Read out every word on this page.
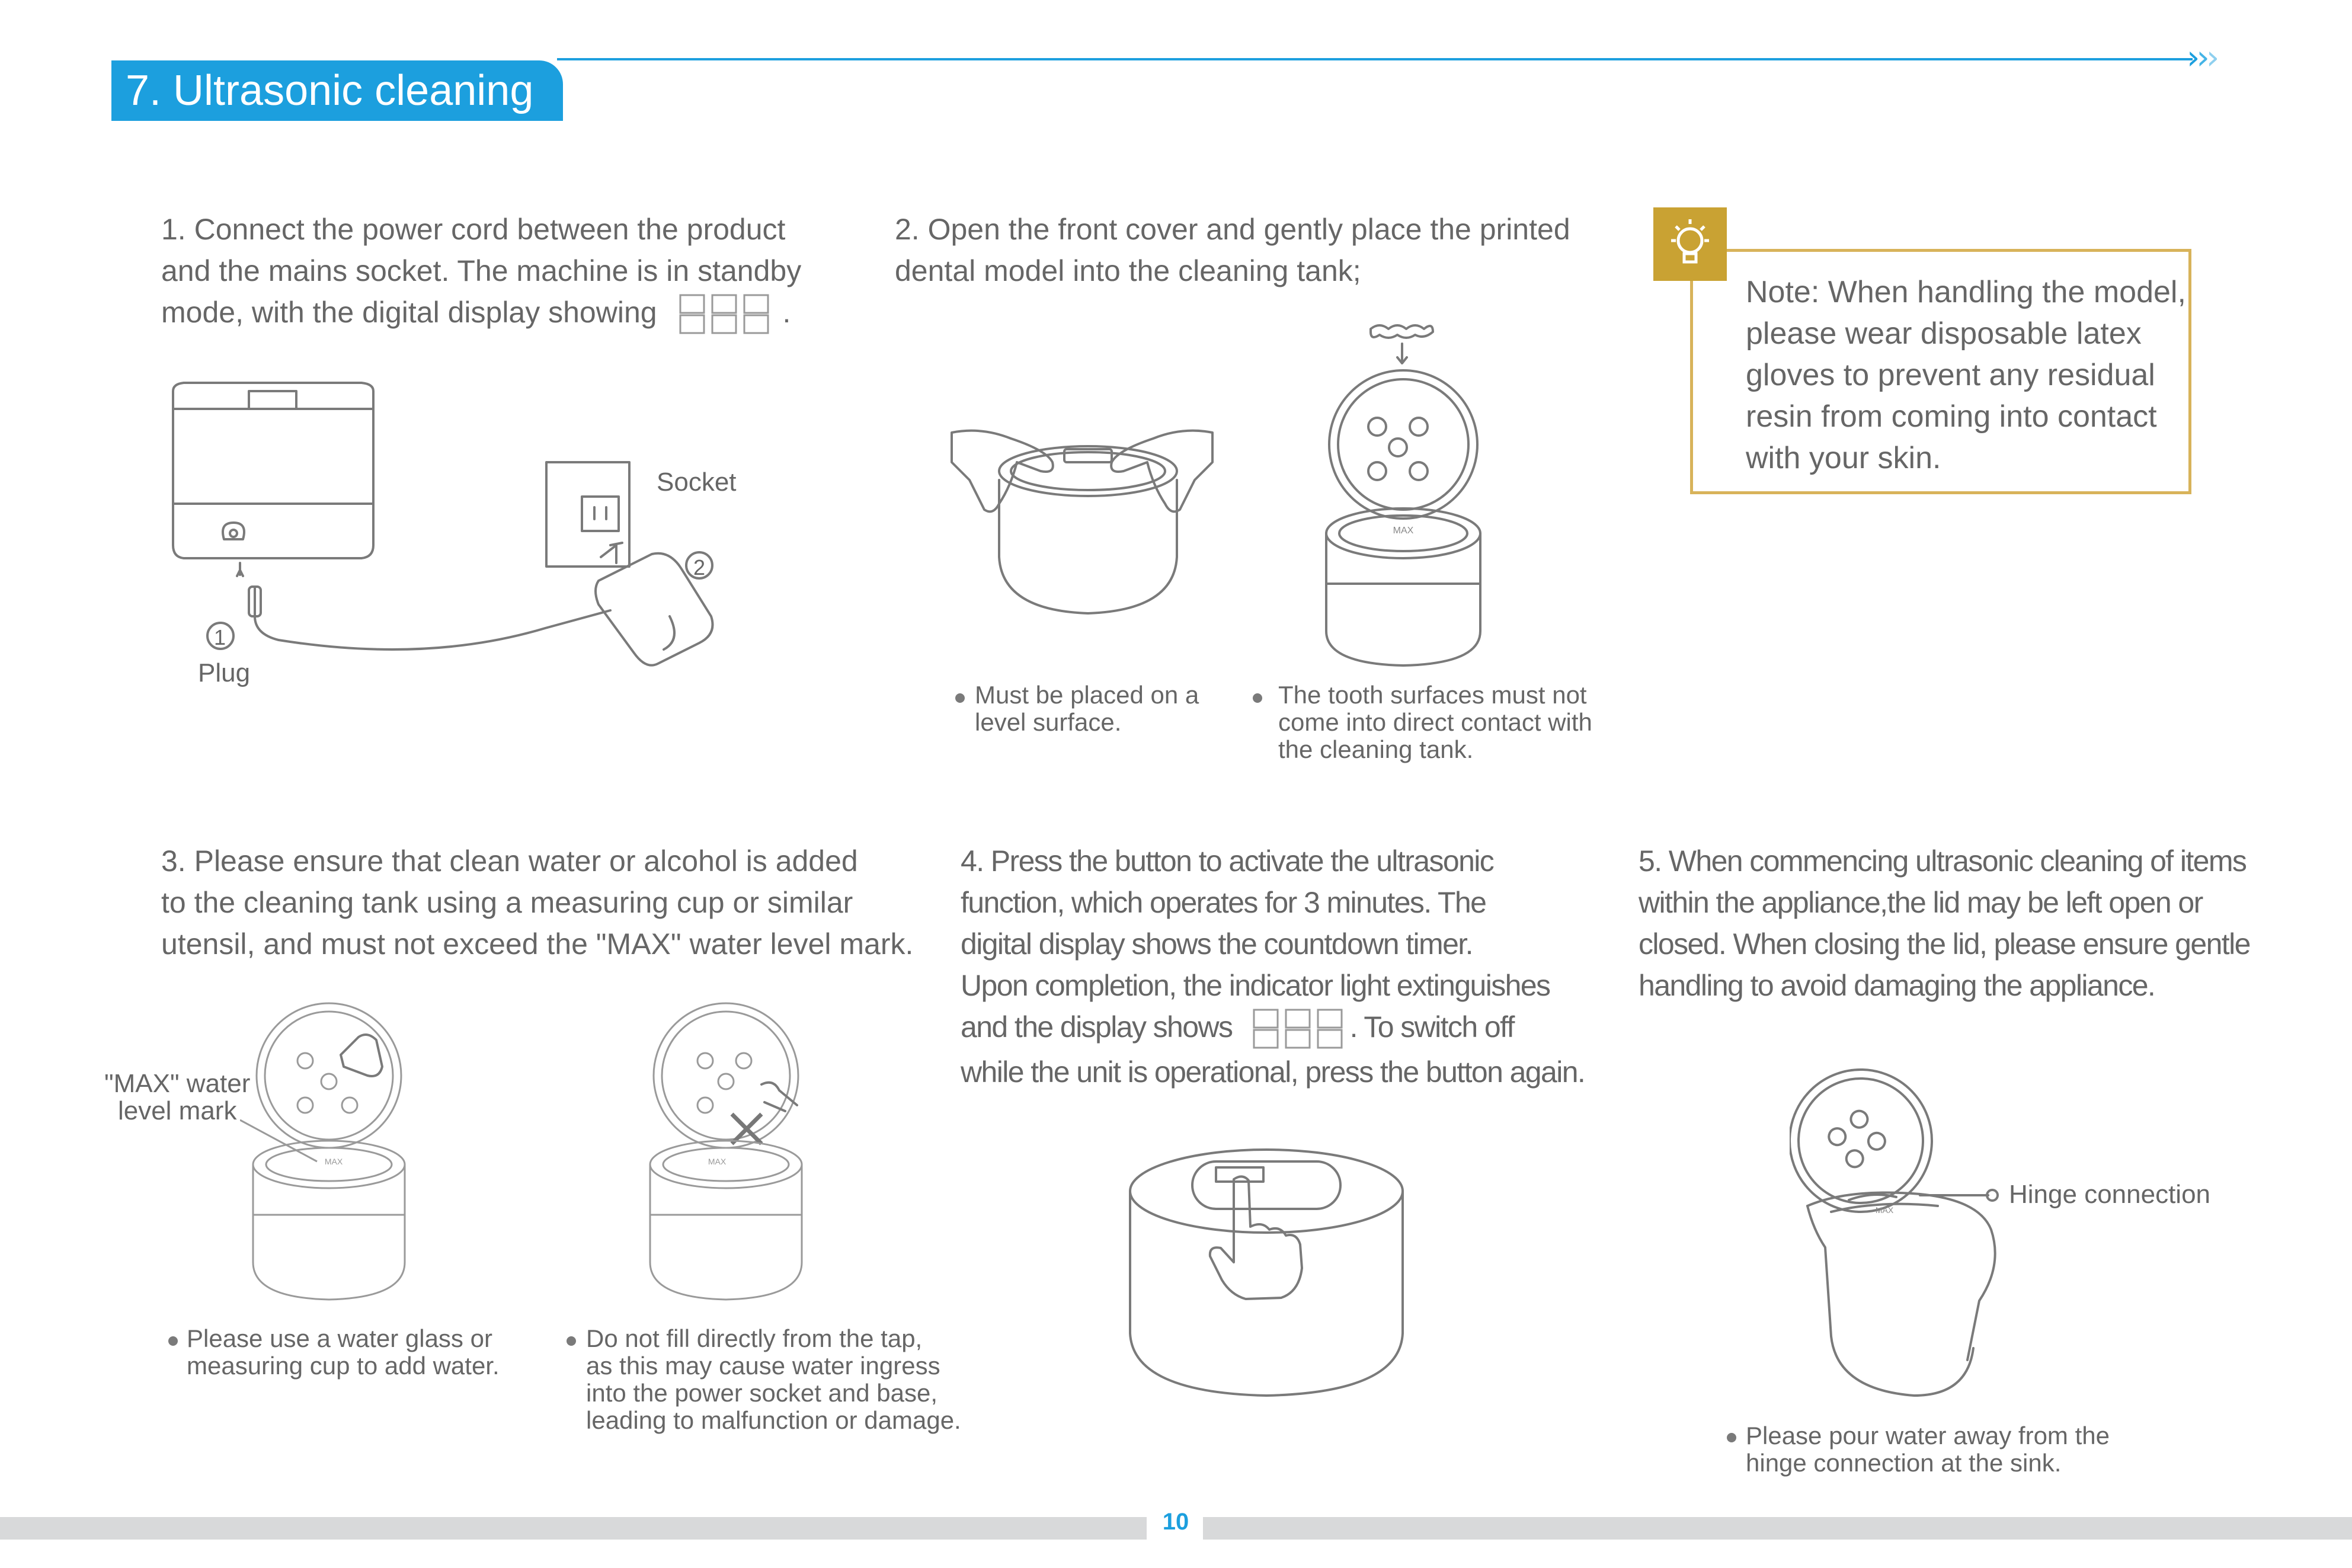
7. Ultrasonic cleaning
›››

1. Connect the power cord between the product

and the mains socket. The machine is in standby

mode, with the digital display showing	.

Socket
Plug
1
2

2. Open the front cover and gently place the printed

dental model into the cleaning tank;

MAX

Must be placed on a

level surface.

The tooth surfaces must not

come into direct contact with

the cleaning tank.

Note: When handling the model,

please wear disposable latex

gloves to prevent any residual

resin from coming into contact

with your skin.

3. Please ensure that clean water or alcohol is added

to the cleaning tank using a measuring cup or similar

utensil, and must not exceed the "MAX" water level mark.

"MAX" water
level mark
MAX	MAX

Please use a water glass or

measuring cup to add water.

Do not fill directly from the tap,

as this may cause water ingress

into the power socket and base,

leading to malfunction or damage.

4. Press the button to activate the ultrasonic

function, which operates for 3 minutes. The

digital display shows the countdown timer.

Upon completion, the indicator light extinguishes

and the display shows	. To switch off

while the unit is operational, press the button again.

5. When commencing ultrasonic cleaning of items

within the appliance,the lid may be left open or

closed. When closing the lid, please ensure gentle

handling to avoid damaging the appliance.

MAX
Hinge connection

Please pour water away from the

hinge connection at the sink.

10
